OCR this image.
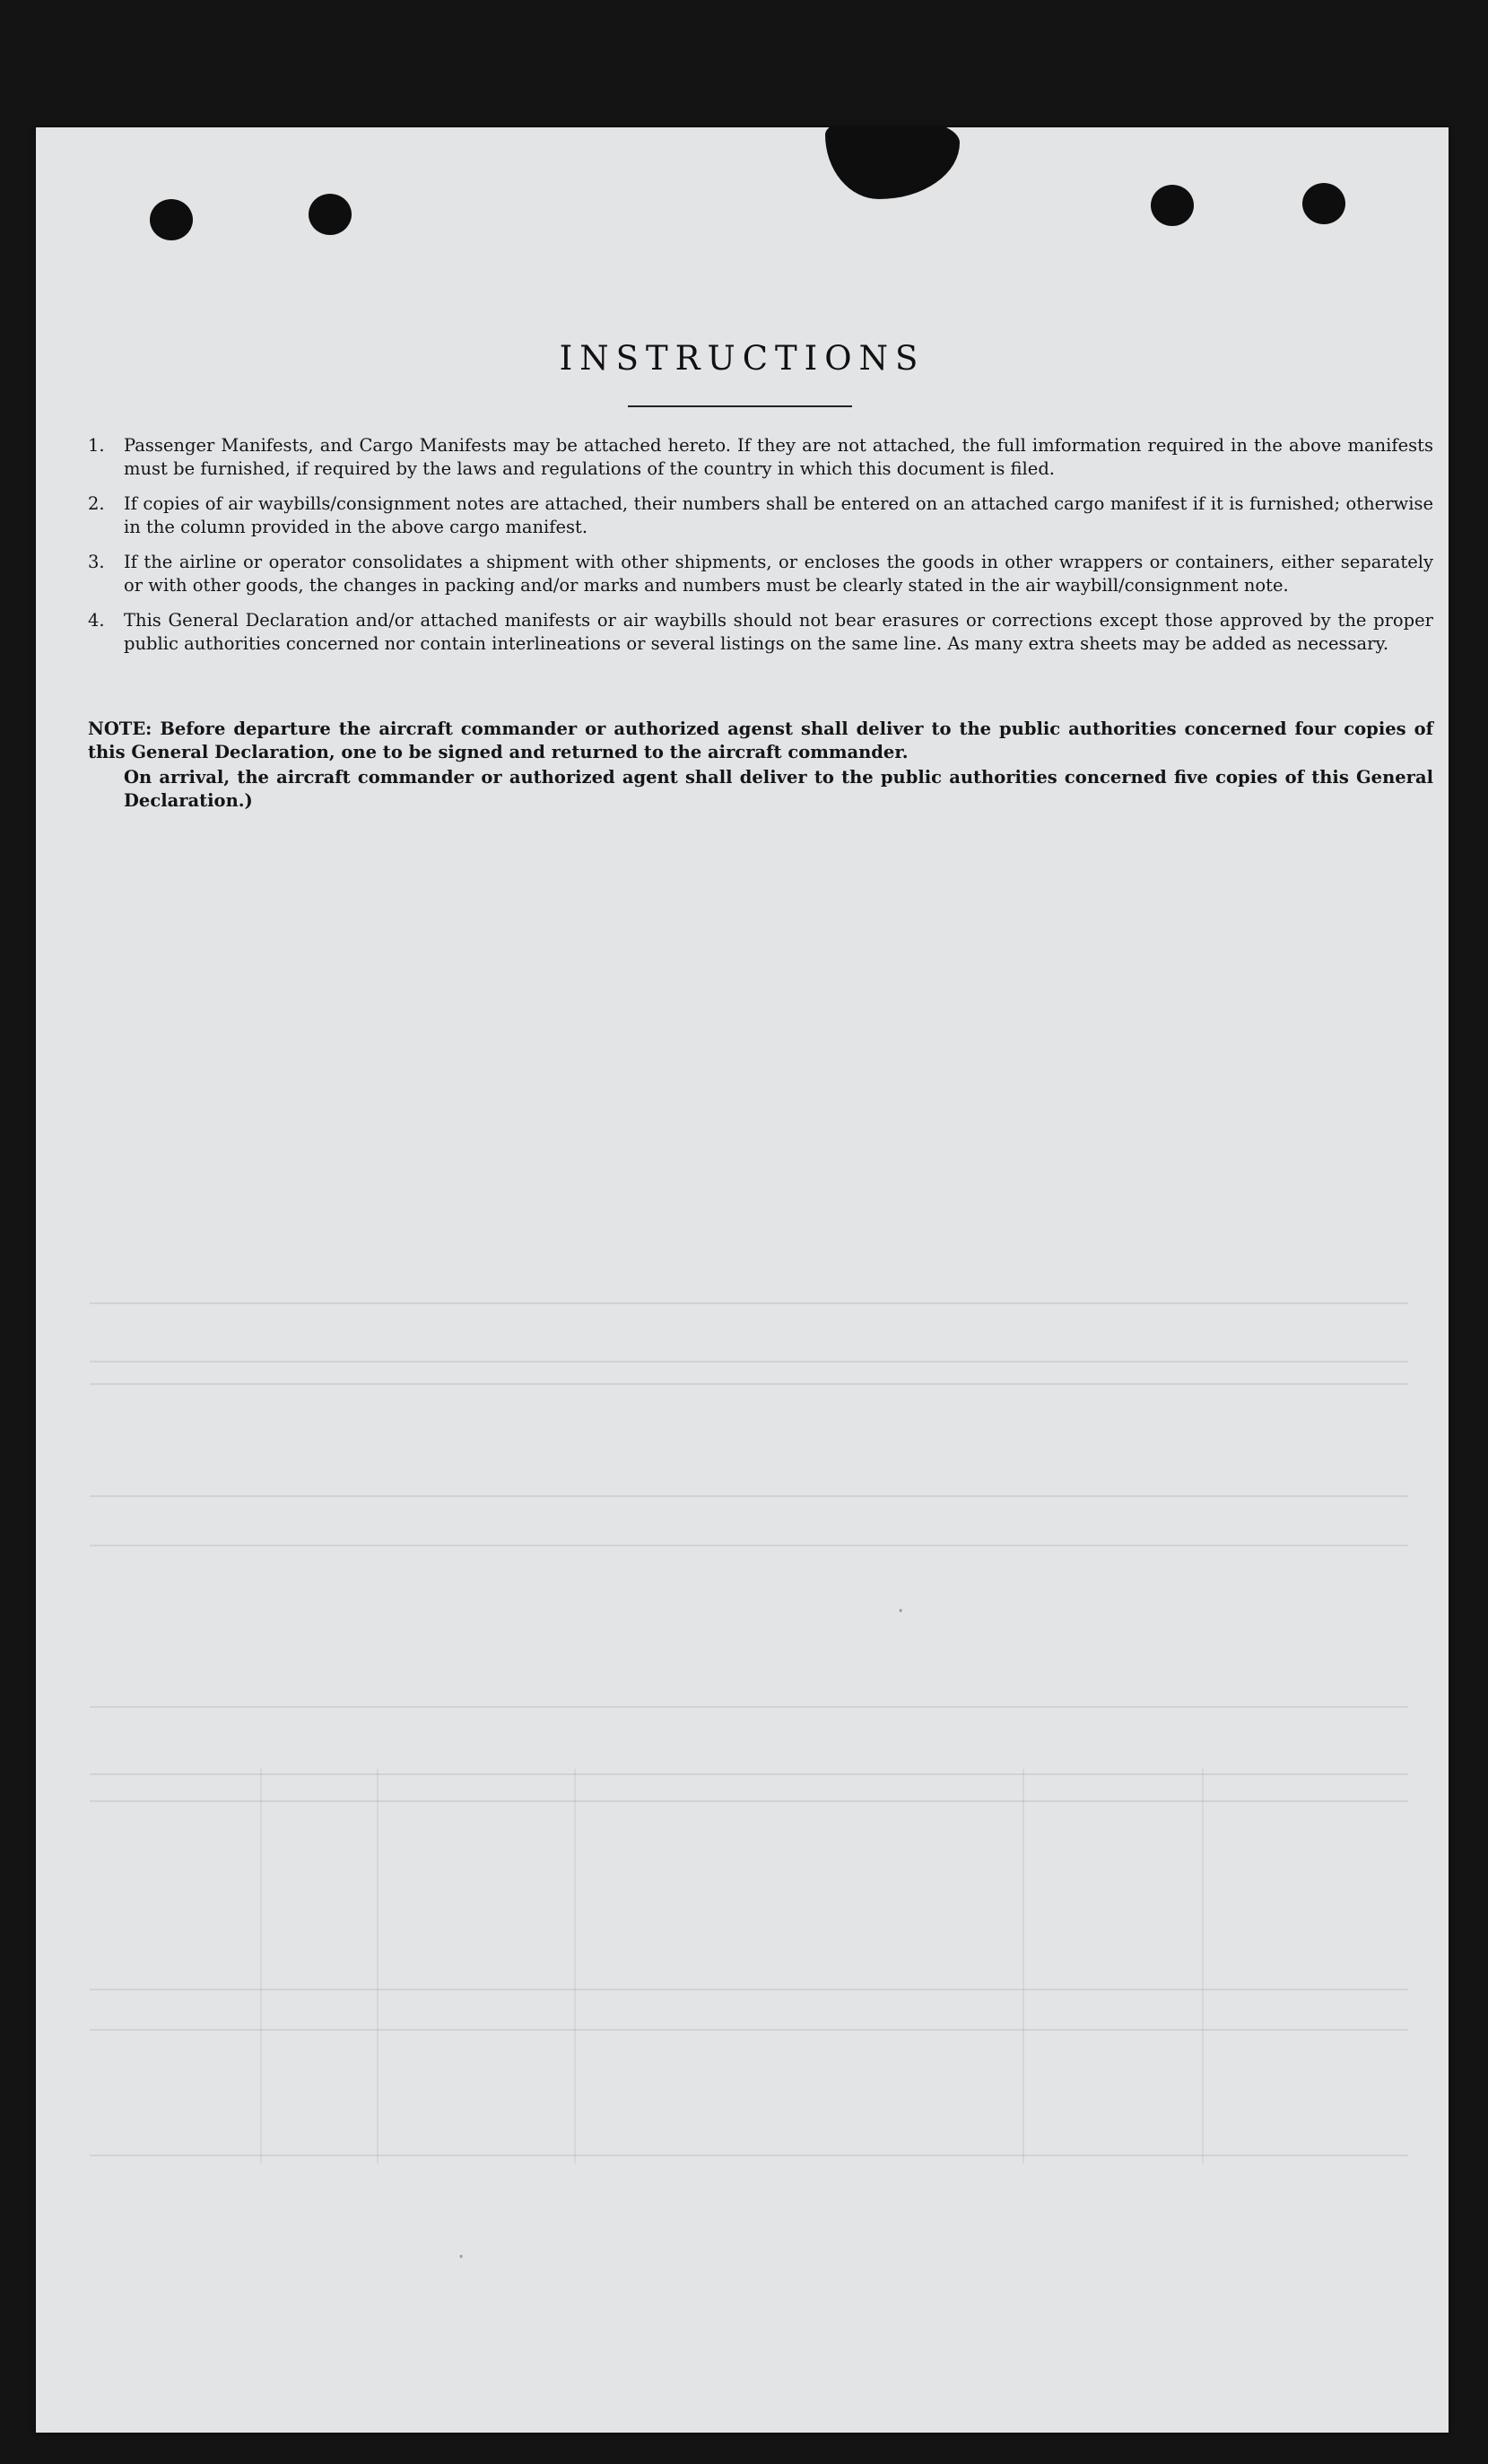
INSTRUCTIONS
1. Passenger Manifests, and Cargo Manifests may be attached hereto. If they are not attached, the full imformation required in the above manifests must be furnished, if required by the laws and regulations of the country in which this document is filed.
2. If copies of air waybills/consignment notes are attached, their numbers shall be entered on an attached cargo manifest if it is furnished; otherwise in the column provided in the above cargo manifest.
3. If the airline or operator consolidates a shipment with other shipments, or encloses the goods in other wrappers or containers, either separately or with other goods, the changes in packing and/or marks and numbers must be clearly stated in the air waybill/consignment note.
4. This General Declaration and/or attached manifests or air waybills should not bear erasures or corrections except those approved by the proper public authorities concerned nor contain interlineations or several listings on the same line. As many extra sheets may be added as necessary.

NOTE: Before departure the aircraft commander or authorized agenst shall deliver to the public authorities concerned four copies of this General Declaration, one to be signed and returned to the aircraft commander.

On arrival, the aircraft commander or authorized agent shall deliver to the public authorities concerned five copies of this General Declaration.)

‧
‧
